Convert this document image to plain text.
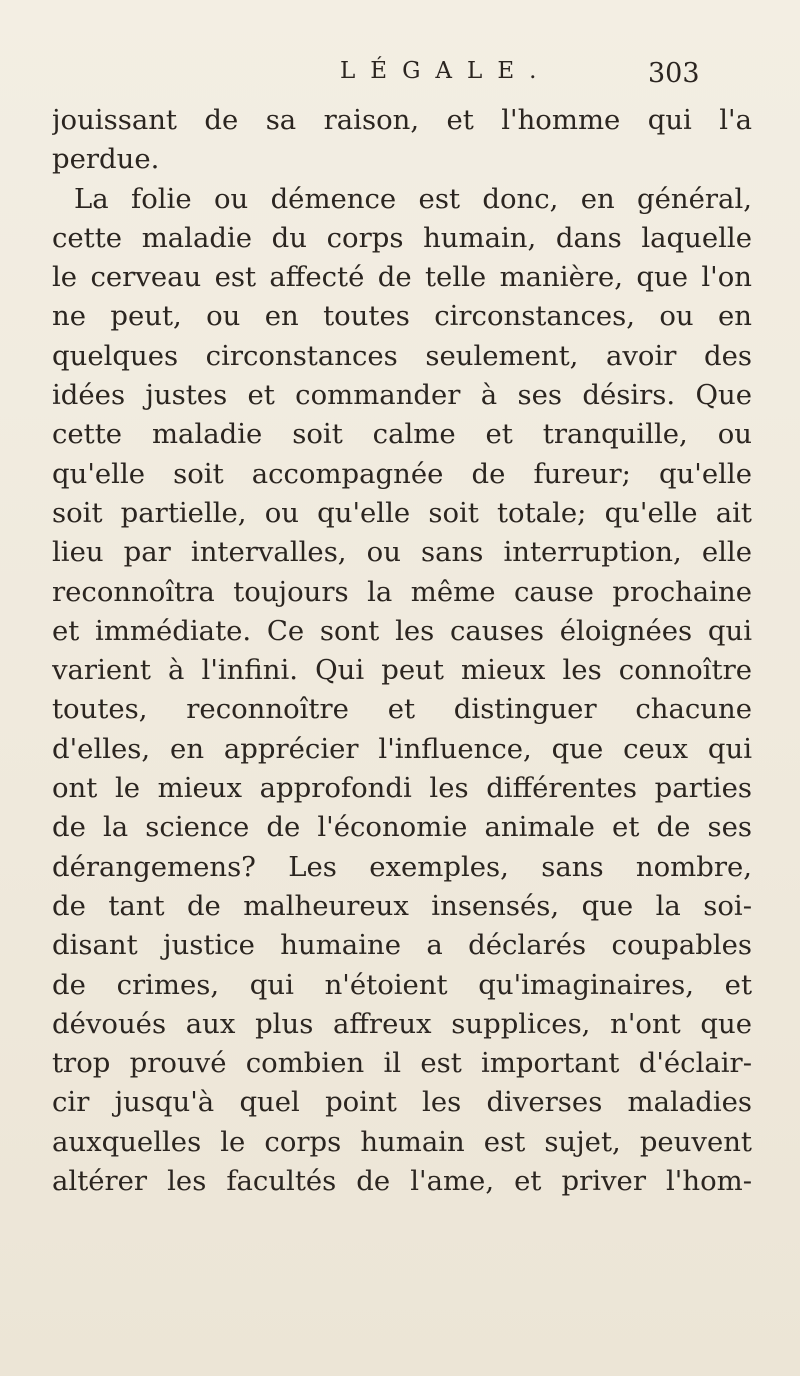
LÉGALE.	303
jouissant de sa raison, et l'homme qui l'a
perdue.
La folie ou démence est donc, en général,
cette maladie du corps humain, dans laquelle
le cerveau est affecté de telle manière, que l'on
ne peut, ou en toutes circonstances, ou en
quelques circonstances seulement, avoir des
idées justes et commander à ses désirs. Que
cette maladie soit calme et tranquille, ou
qu'elle soit accompagnée de fureur; qu'elle
soit partielle, ou qu'elle soit totale; qu'elle ait
lieu par intervalles, ou sans interruption, elle
reconnoîtra toujours la même cause prochaine
et immédiate. Ce sont les causes éloignées qui
varient à l'infini. Qui peut mieux les connoître
toutes, reconnoître et distinguer chacune
d'elles, en apprécier l'influence, que ceux qui
ont le mieux approfondi les différentes parties
de la science de l'économie animale et de ses
dérangemens? Les exemples, sans nombre,
de tant de malheureux insensés, que la soi-
disant justice humaine a déclarés coupables
de crimes, qui n'étoient qu'imaginaires, et
dévoués aux plus affreux supplices, n'ont que
trop prouvé combien il est important d'éclair-
cir jusqu'à quel point les diverses maladies
auxquelles le corps humain est sujet, peuvent
altérer les facultés de l'ame, et priver l'hom-
